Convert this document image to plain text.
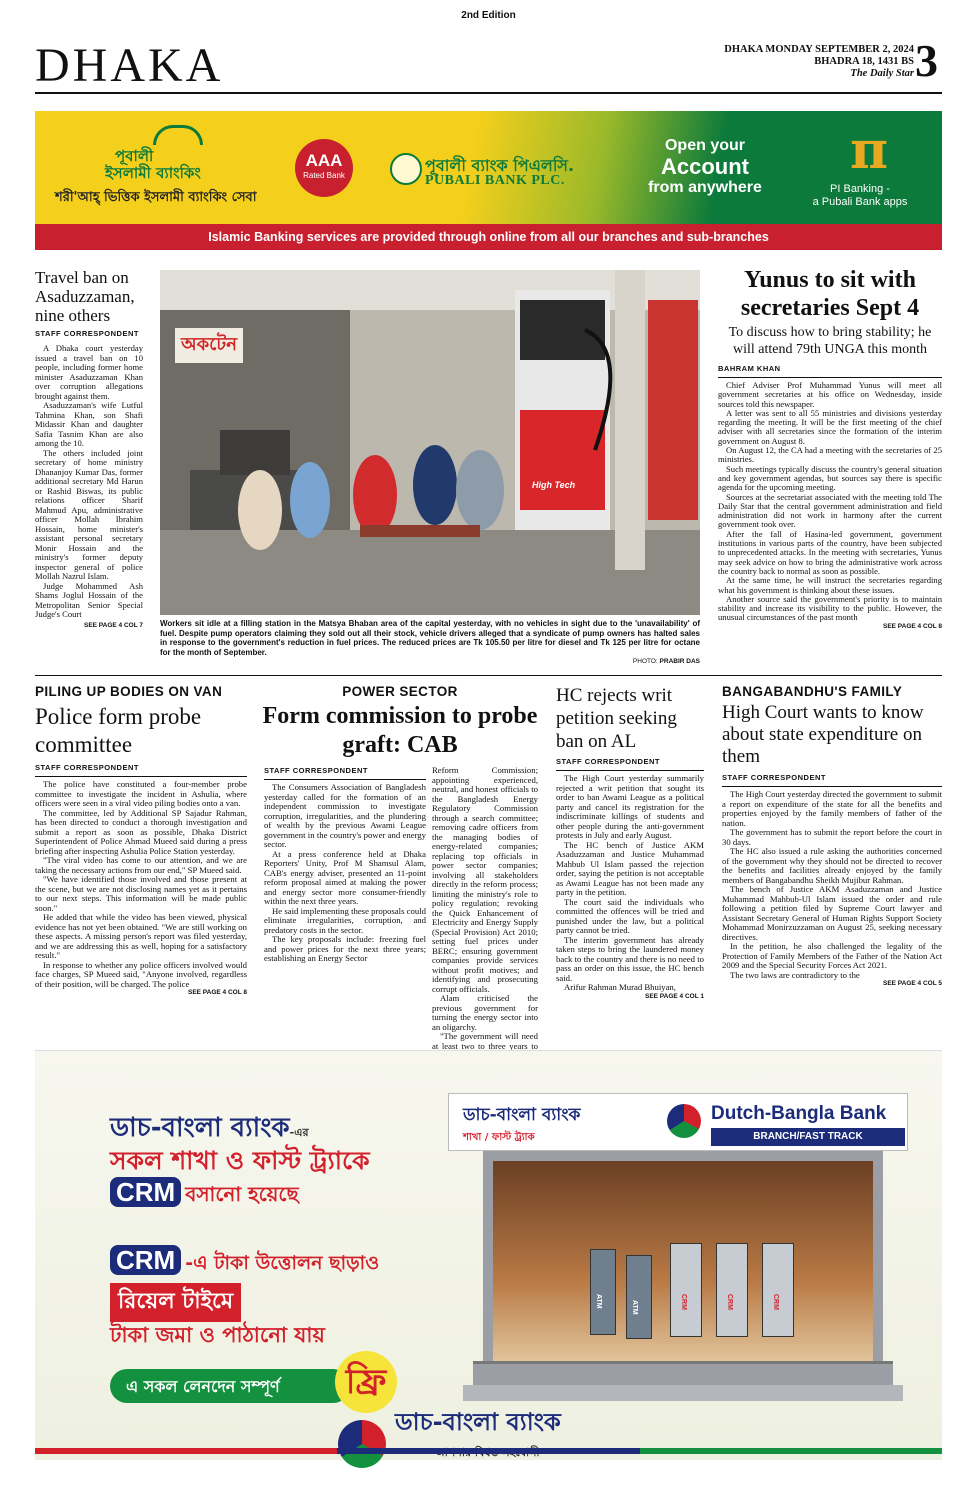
2nd Edition
DHAKA	DHAKA MONDAY SEPTEMBER 2, 2024
BHADRA 18, 1431 BS
The Daily Star 3
পূবালী
ইসলামী ব্যাংকিং
শরী'আহ্ ভিত্তিক ইসলামী ব্যাংকিং সেবা
AAA
Rated Bank
পূবালী ব্যাংক পিএলসি.
PUBALI BANK PLC.
Open your
Account
from anywhere
π
PI Banking -
a Pubali Bank apps
Islamic Banking services are provided through online from all our branches and sub-branches
Travel ban on Asaduzzaman, nine others
STAFF CORRESPONDENT

A Dhaka court yesterday issued a travel ban on 10 people, including former home minister Asaduzzaman Khan over corruption allegations brought against them.

Asaduzzaman's wife Lutful Tahmina Khan, son Shafi Midassir Khan and daughter Safia Tasnim Khan are also among the 10.

The others included joint secretary of home ministry Dhananjoy Kumar Das, former additional secretary Md Harun or Rashid Biswas, its public relations officer Sharif Mahmud Apu, administrative officer Mollah Ibrahim Hossain, home minister's assistant personal secretary Monir Hossain and the ministry's former deputy inspector general of police Mollah Nazrul Islam.

Judge Mohammed Ash Shams Joglul Hossain of the Metropolitan Senior Special Judge's Court

SEE PAGE 4 COL 7
অকটেন
High Tech
Workers sit idle at a filling station in the Matsya Bhaban area of the capital yesterday, with no vehicles in sight due to the 'unavailability' of fuel. Despite pump operators claiming they sold out all their stock, vehicle drivers alleged that a syndicate of pump owners has halted sales in response to the government's reduction in fuel prices. The reduced prices are Tk 105.50 per litre for diesel and Tk 125 per litre for octane for the month of September.
PHOTO: PRABIR DAS
Yunus to sit with secretaries Sept 4
To discuss how to bring stability; he will attend 79th UNGA this month
BAHRAM KHAN

Chief Adviser Prof Muhammad Yunus will meet all government secretaries at his office on Wednesday, inside sources told this newspaper.

A letter was sent to all 55 ministries and divisions yesterday regarding the meeting. It will be the first meeting of the chief adviser with all secretaries since the formation of the interim government on August 8.

On August 12, the CA had a meeting with the secretaries of 25 ministries.

Such meetings typically discuss the country's general situation and key government agendas, but sources say there is specific agenda for the upcoming meeting.

Sources at the secretariat associated with the meeting told The Daily Star that the central government administration and field administration did not work in harmony after the current government took over.

After the fall of Hasina-led government, government institutions in various parts of the country, have been subjected to unprecedented attacks. In the meeting with secretaries, Yunus may seek advice on how to bring the administrative work across the country back to normal as soon as possible.

At the same time, he will instruct the secretaries regarding what his government is thinking about these issues.

Another source said the government's priority is to maintain stability and increase its visibility to the public. However, the unusual circumstances of the past month

SEE PAGE 4 COL 8
PILING UP BODIES ON VAN
Police form probe committee
STAFF CORRESPONDENT

The police have constituted a four-member probe committee to investigate the incident in Ashulia, where officers were seen in a viral video piling bodies onto a van.

The committee, led by Additional SP Sajadur Rahman, has been directed to conduct a thorough investigation and submit a report as soon as possible, Dhaka District Superintendent of Police Ahmad Mueed said during a press briefing after inspecting Ashulia Police Station yesterday.

"The viral video has come to our attention, and we are taking the necessary actions from our end," SP Mueed said.

"We have identified those involved and those present at the scene, but we are not disclosing names yet as it pertains to our next steps. This information will be made public soon."

He added that while the video has been viewed, physical evidence has not yet been obtained. "We are still working on these aspects. A missing person's report was filed yesterday, and we are addressing this as well, hoping for a satisfactory result."

In response to whether any police officers involved would face charges, SP Mueed said, "Anyone involved, regardless of their position, will be charged. The police

SEE PAGE 4 COL 8
POWER SECTOR
Form commission to probe graft: CAB
STAFF CORRESPONDENT

The Consumers Association of Bangladesh yesterday called for the formation of an independent commission to investigate corruption, irregularities, and the plundering of wealth by the previous Awami League government in the country's power and energy sector.

At a press conference held at Dhaka Reporters' Unity, Prof M Shamsul Alam, CAB's energy adviser, presented an 11-point reform proposal aimed at making the power and energy sector more consumer-friendly within the next three years.

He said implementing these proposals could eliminate irregularities, corruption, and predatory costs in the sector.

The key proposals include: freezing fuel and power prices for the next three years; establishing an Energy Sector

Reform Commission; appointing experienced, neutral, and honest officials to the Bangladesh Energy Regulatory Commission through a search committee; removing cadre officers from the managing bodies of energy-related companies; replacing top officials in power sector companies; involving all stakeholders directly in the reform process; limiting the ministry's role to policy regulation; revoking the Quick Enhancement of Electricity and Energy Supply (Special Provision) Act 2010; setting fuel prices under BERC; ensuring government companies provide services without profit motives; and identifying and prosecuting corrupt officials.

Alam criticised the previous government for turning the energy sector into an oligarchy.

"The government will need at least two to three years to

HC rejects writ petition seeking ban on AL
STAFF CORRESPONDENT

The High Court yesterday summarily rejected a writ petition that sought its order to ban Awami League as a political party and cancel its registration for the indiscriminate killings of students and other people during the anti-government protests in July and early August.

The HC bench of Justice AKM Asaduzzaman and Justice Muhammad Mahbub Ul Islam passed the rejection order, saying the petition is not acceptable as Awami League has not been made any party in the petition.

The court said the individuals who committed the offences will be tried and punished under the law, but a political party cannot be tried.

The interim government has already taken steps to bring the laundered money back to the country and there is no need to pass an order on this issue, the HC bench said.

Arifur Rahman Murad Bhuiyan,

SEE PAGE 4 COL 1
BANGABANDHU'S FAMILY
High Court wants to know about state expenditure on them
STAFF CORRESPONDENT

The High Court yesterday directed the government to submit a report on expenditure of the state for all the benefits and properties enjoyed by the family members of father of the nation.

The government has to submit the report before the court in 30 days.

The HC also issued a rule asking the authorities concerned of the government why they should not be directed to recover the benefits and facilities already enjoyed by the family members of Bangabandhu Sheikh Mujibur Rahman.

The bench of Justice AKM Asaduzzaman and Justice Muhammad Mahbub-Ul Islam issued the order and rule following a petition filed by Supreme Court lawyer and Assistant Secretary General of Human Rights Support Society Mohammad Monirzuzzaman on August 25, seeking necessary directives.

In the petition, he also challenged the legality of the Protection of Family Members of the Father of the Nation Act 2009 and the Special Security Forces Act 2021.

The two laws are contradictory to the

SEE PAGE 4 COL 5
ডাচ-বাংলা ব্যাংক-এর
সকল শাখা ও ফাস্ট ট্র্যাকে
CRM বসানো হয়েছে
CRM -এ টাকা উত্তোলন ছাড়াও
রিয়েল টাইমে
টাকা জমা ও পাঠানো যায়
এ সকল লেনদেন সম্পূর্ণ	ফ্রি
ডাচ-বাংলা ব্যাংক
শাখা / ফাস্ট ট্র্যাক
Dutch-Bangla Bank
BRANCH/FAST TRACK
ATM	ATM	CRM	CRM	CRM
ডাচ-বাংলা ব্যাংক
